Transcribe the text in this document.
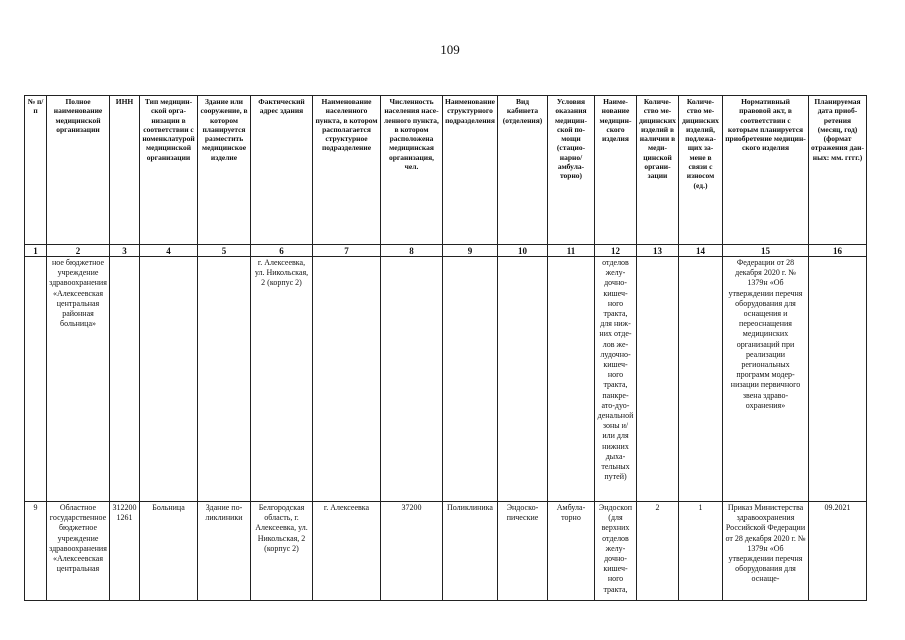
109
№ п/п	Полное наименование медицинской организации	ИНН	Тип медицинской организации в соответствии с номенклатурой медицинской организации	Здание или сооружение, в котором планируется разместить медицинское изделие	Фактический адрес здания	Наименование населенного пункта, в котором располагается структурное подразделение	Численность населения населенного пункта, в котором расположена медицинская организация, чел.	Наименование структурного подразделения	Вид кабинета (отделения)	Условия оказания медицинской помощи (стационарно/ амбулаторно)	Наименование медицинского изделия	Количество медицинских изделий в наличии в медицинской организации	Количество медицинских изделий, подлежащих замене в связи с износом (ед.)	Нормативный правовой акт, в соответствии с которым планируется приобретение медицинского изделия	Планируемая дата приобретения (месяц, год) (формат отражения данных: мм. гггг.)
1	2	3	4	5	6	7	8	9	10	11	12	13	14	15	16
	ное бюджетное учреждение здравоохранения «Алексеевская центральная районная больница»				г. Алексеевка, ул. Никольская, 2 (корпус 2)						отделов желудочно-кишечного тракта, для нижних отделов желудочно-кишечного тракта, панкреато-дуоденальной зоны и/или для нижних дыхательных путей)			Федерации от 28 декабря 2020 г. № 1379н «Об утверждении перечня оборудования для оснащения и переоснащения медицинских организаций при реализации региональных программ модернизации первичного звена здравоохранения»	
9	Областное государственное бюджетное учреждение здравоохранения «Алексеевская центральная	312200 1261	Больница	Здание поликлиники	Белгородская область, г. Алексеевка, ул. Никольская, 2 (корпус 2)	г. Алексеевка	37200	Поликлиника	Эндоскопические	Амбулаторно	Эндоскоп (для верхних отделов желудочно-кишечного тракта,	2	1	Приказ Министерства здравоохранения Российской Федерации от 28 декабря 2020 г. № 1379н «Об утверждении перечня оборудования для оснаще-	09.2021
